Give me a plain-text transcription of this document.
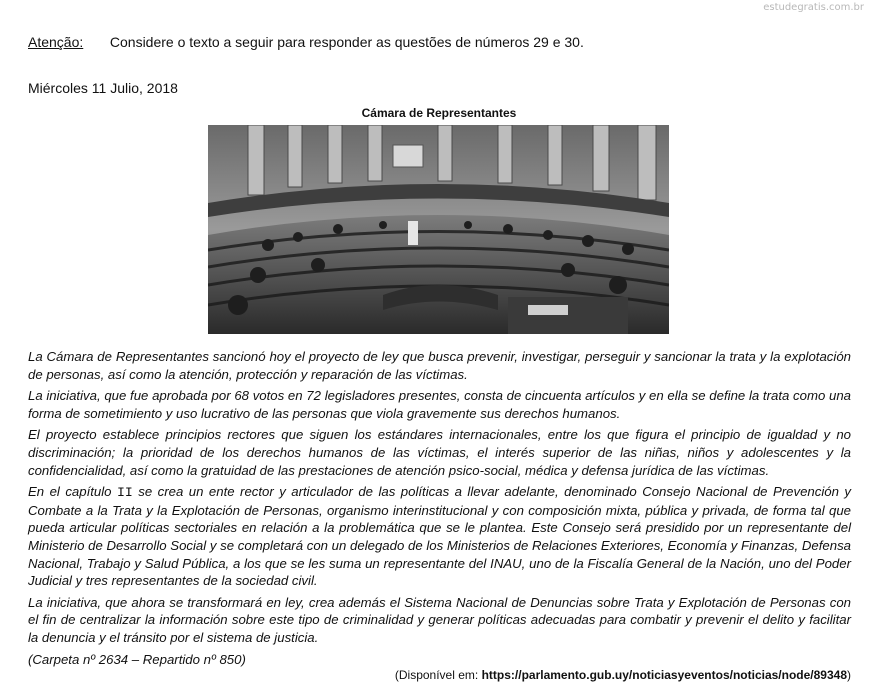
estudegratis.com.br
Atenção: Considere o texto a seguir para responder as questões de números 29 e 30.
Miércoles 11 Julio, 2018
Cámara de Representantes

La Cámara de Representantes sancionó hoy el proyecto de ley que busca prevenir, investigar, perseguir y sancionar la trata y la explotación de personas, así como la atención, protección y reparación de las víctimas.

La iniciativa, que fue aprobada por 68 votos en 72 legisladores presentes, consta de cincuenta artículos y en ella se define la trata como una forma de sometimiento y uso lucrativo de las personas que viola gravemente sus derechos humanos.

El proyecto establece principios rectores que siguen los estándares internacionales, entre los que figura el principio de igualdad y no discriminación; la prioridad de los derechos humanos de las víctimas, el interés superior de las niñas, niños y adolescentes y la confidencialidad, así como la gratuidad de las prestaciones de atención psico-social, médica y defensa jurídica de las víctimas.

En el capítulo II se crea un ente rector y articulador de las políticas a llevar adelante, denominado Consejo Nacional de Prevención y Combate a la Trata y la Explotación de Personas, organismo interinstitucional y con composición mixta, pública y privada, de forma tal que pueda articular políticas sectoriales en relación a la problemática que se le plantea. Este Consejo será presidido por un representante del Ministerio de Desarrollo Social y se completará con un delegado de los Ministerios de Relaciones Exteriores, Economía y Finanzas, Defensa Nacional, Trabajo y Salud Pública, a los que se les suma un representante del INAU, uno de la Fiscalía General de la Nación, uno del Poder Judicial y tres representantes de la sociedad civil.

La iniciativa, que ahora se transformará en ley, crea además el Sistema Nacional de Denuncias sobre Trata y Explotación de Personas con el fin de centralizar la información sobre este tipo de criminalidad y generar políticas adecuadas para combatir y prevenir el delito y facilitar la denuncia y el tránsito por el sistema de justicia.

(Carpeta nº 2634 – Repartido nº 850)

(Disponível em: https://parlamento.gub.uy/noticiasyeventos/noticias/node/89348)
